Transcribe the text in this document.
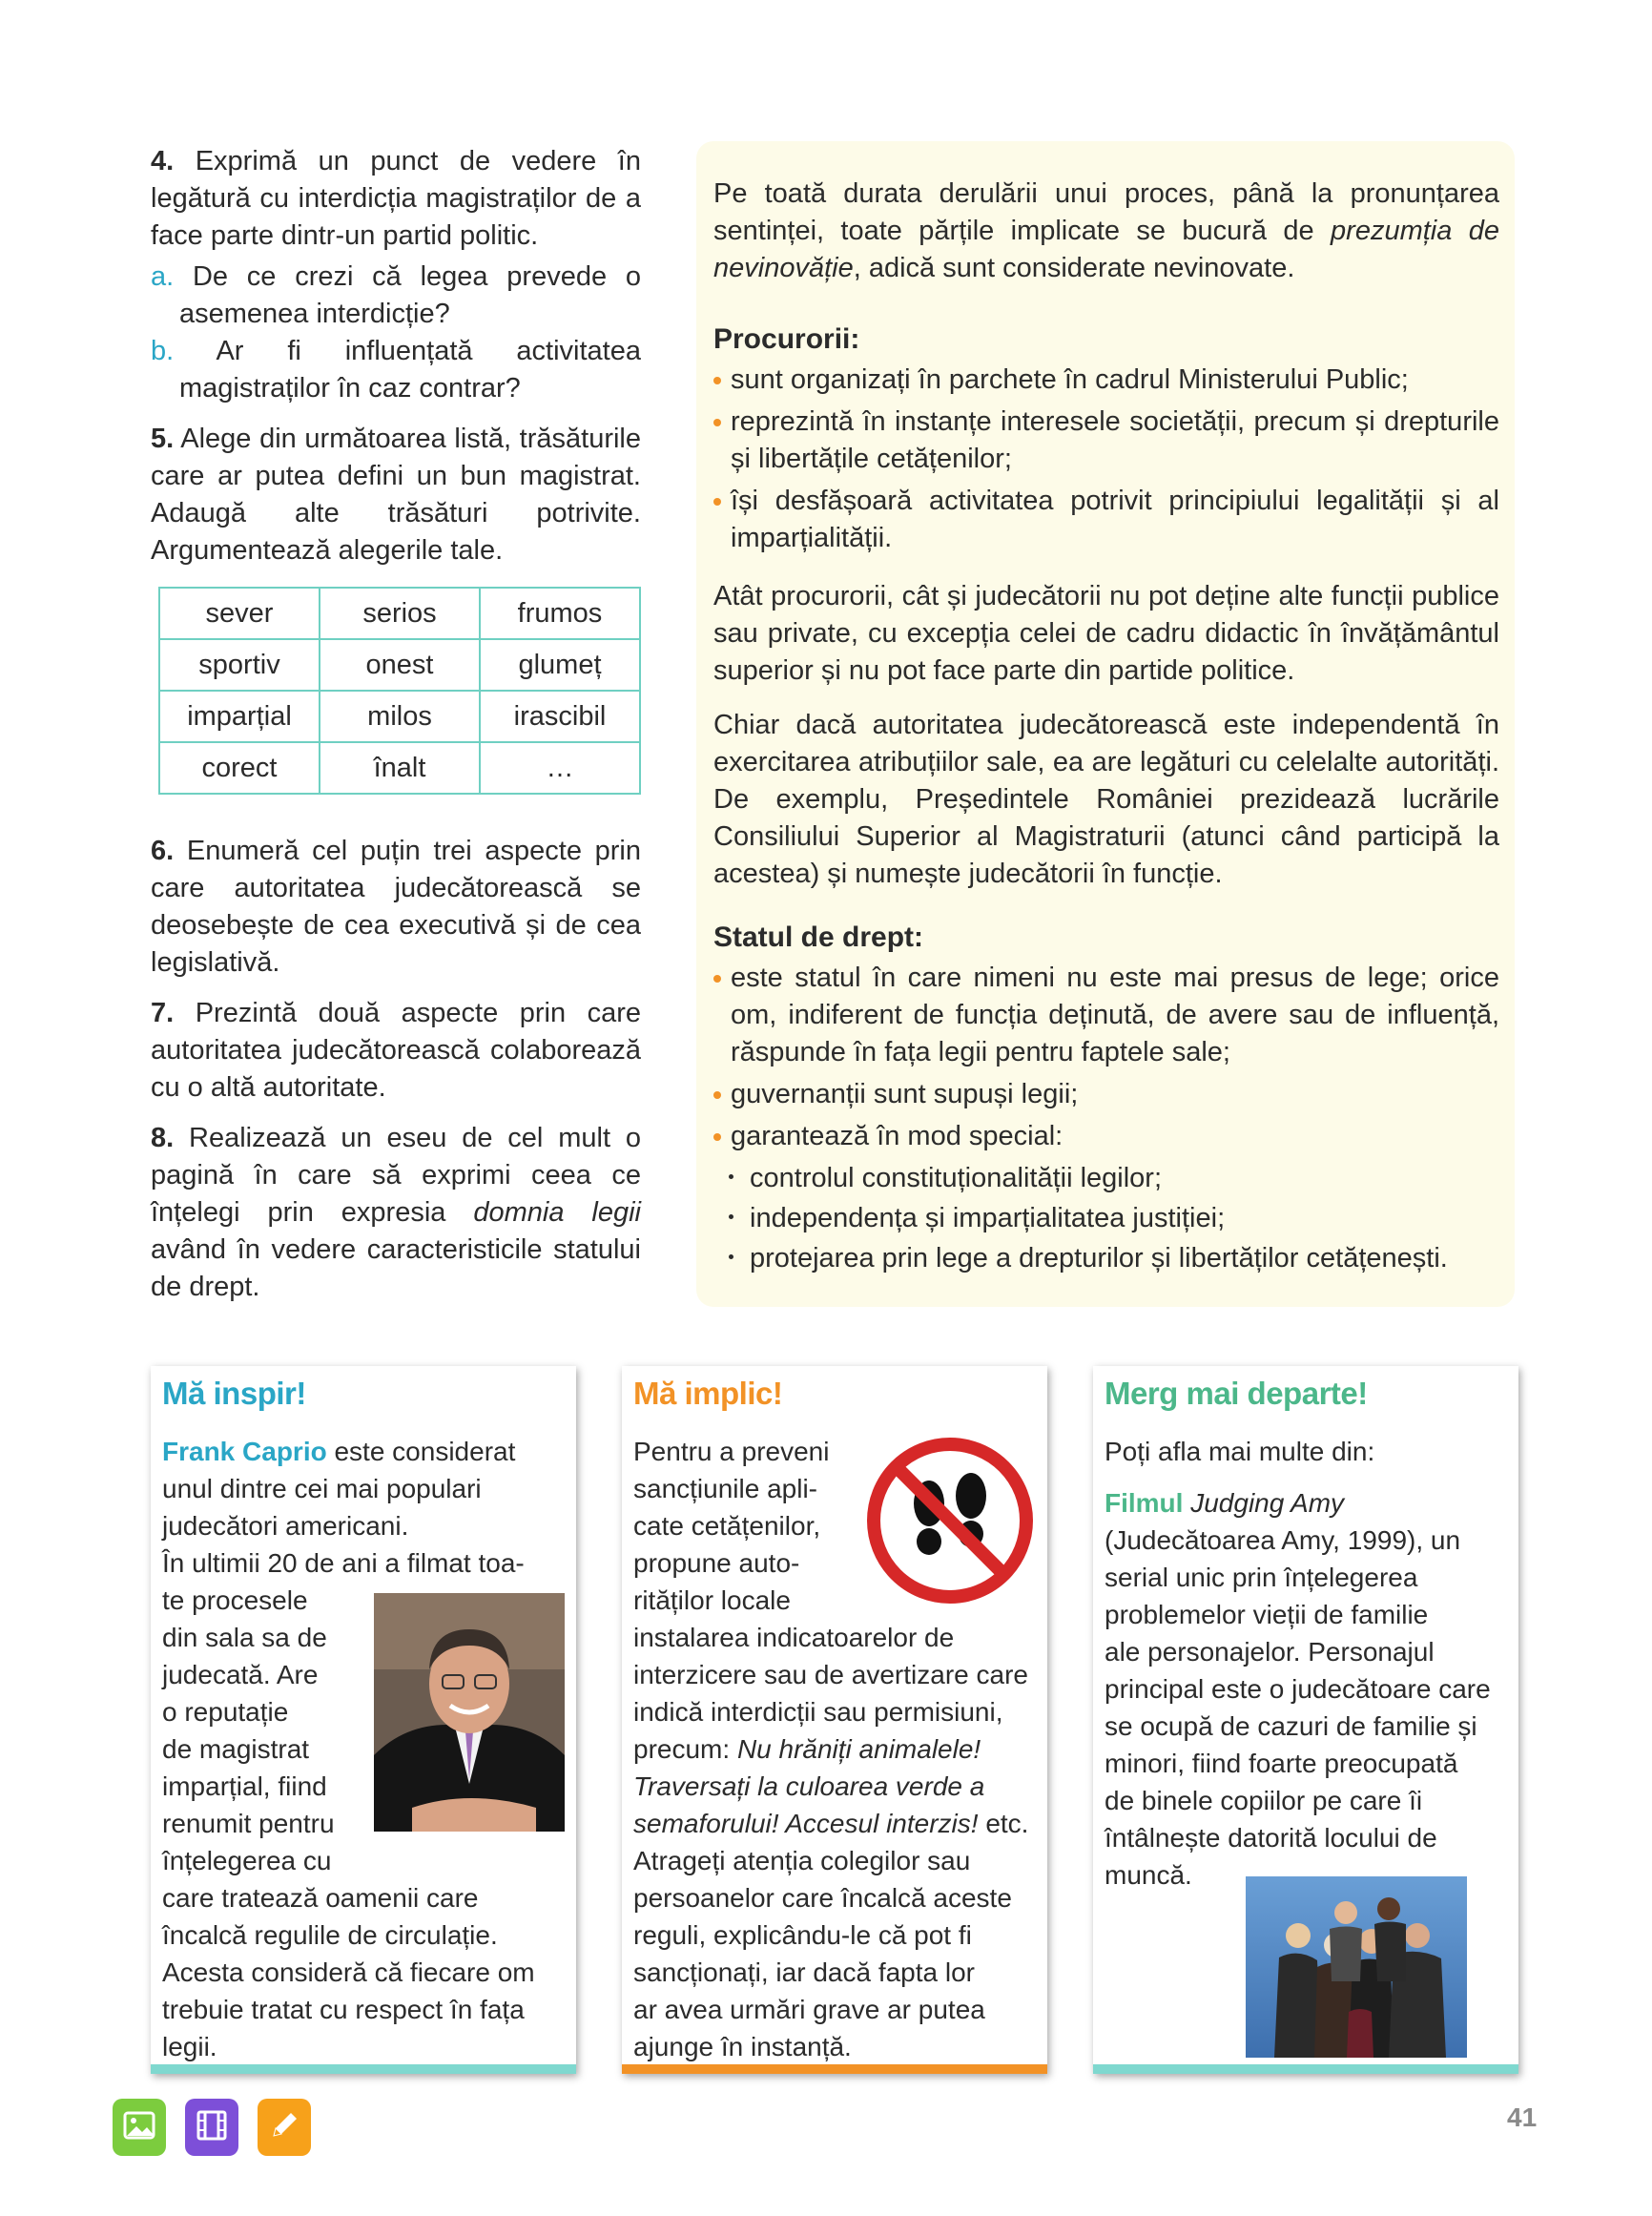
4. Exprimă un punct de vedere în legătură cu interdicția magistraților de a face parte dintr-un partid politic.

a. De ce crezi că legea prevede o asemenea interdicție?

b. Ar fi influențată activitatea magistraților în caz contrar?

5. Alege din următoarea listă, trăsăturile care ar putea defini un bun magistrat. Adaugă alte trăsături potrivite. Argumentează alegerile tale.

sever	serios	frumos
sportiv	onest	glumeț
imparțial	milos	irascibil
corect	înalt	…

6. Enumeră cel puțin trei aspecte prin care autoritatea judecătorească se deosebește de cea executivă și de cea legislativă.

7. Prezintă două aspecte prin care autoritatea judecătorească colaborează cu o altă autoritate.

8. Realizează un eseu de cel mult o pagină în care să exprimi ceea ce înțelegi prin expresia domnia legii având în vedere caracteristicile statului de drept.

Pe toată durata derulării unui proces, până la pronunțarea sentinței, toate părțile implicate se bucură de prezumția de nevinovăție, adică sunt considerate nevinovate.

Procurorii:

sunt organizați în parchete în cadrul Ministerului Public;

reprezintă în instanțe interesele societății, precum și drepturile și libertățile cetățenilor;

își desfășoară activitatea potrivit principiului legalității și al imparțialității.

Atât procurorii, cât și judecătorii nu pot deține alte funcții publice sau private, cu excepția celei de cadru didactic în învățământul superior și nu pot face parte din partide politice.

Chiar dacă autoritatea judecătorească este independentă în exercitarea atribuțiilor sale, ea are legături cu celelalte autorități. De exemplu, Președintele României prezidează lucrările Consiliului Superior al Magistraturii (atunci când participă la acestea) și numește judecătorii în funcție.

Statul de drept:

este statul în care nimeni nu este mai presus de lege; orice om, indiferent de funcția deținută, de avere sau de influență, răspunde în fața legii pentru faptele sale;

guvernanții sunt supuși legii;

garantează în mod special:

controlul constituționalității legilor;

independența și imparțialitatea justiției;

protejarea prin lege a drepturilor și libertăților cetățenești.

Mă inspir!
Frank Caprio este considerat
unul dintre cei mai populari
judecători americani.
În ultimii 20 de ani a filmat toa-
te procesele
din sala sa de
judecată. Are
o reputație
de magistrat
imparțial, fiind
renumit pentru
înțelegerea cu
care tratează oamenii care
încalcă regulile de circulație.
Acesta consideră că fiecare om
trebuie tratat cu respect în fața
legii.
Mă implic!
Pentru a preveni
sancțiunile apli-
cate cetățenilor,
propune auto-
rităților locale
instalarea indicatoarelor de
interzicere sau de avertizare care
indică interdicții sau permisiuni,
precum: Nu hrăniți animalele!
Traversați la culoarea verde a
semaforului! Accesul interzis! etc.
Atrageți atenția colegilor sau
persoanelor care încalcă aceste
reguli, explicându-le că pot fi
sancționați, iar dacă fapta lor
ar avea urmări grave ar putea
ajunge în instanță.
Merg mai departe!
Poți afla mai multe din:
Filmul Judging Amy
(Judecătoarea Amy, 1999), un
serial unic prin înțelegerea
problemelor vieții de familie
ale personajelor. Personajul
principal este o judecătoare care
se ocupă de cazuri de familie și
minori, fiind foarte preocupată
de binele copiilor pe care îi
întâlnește datorită locului de
muncă.
41
